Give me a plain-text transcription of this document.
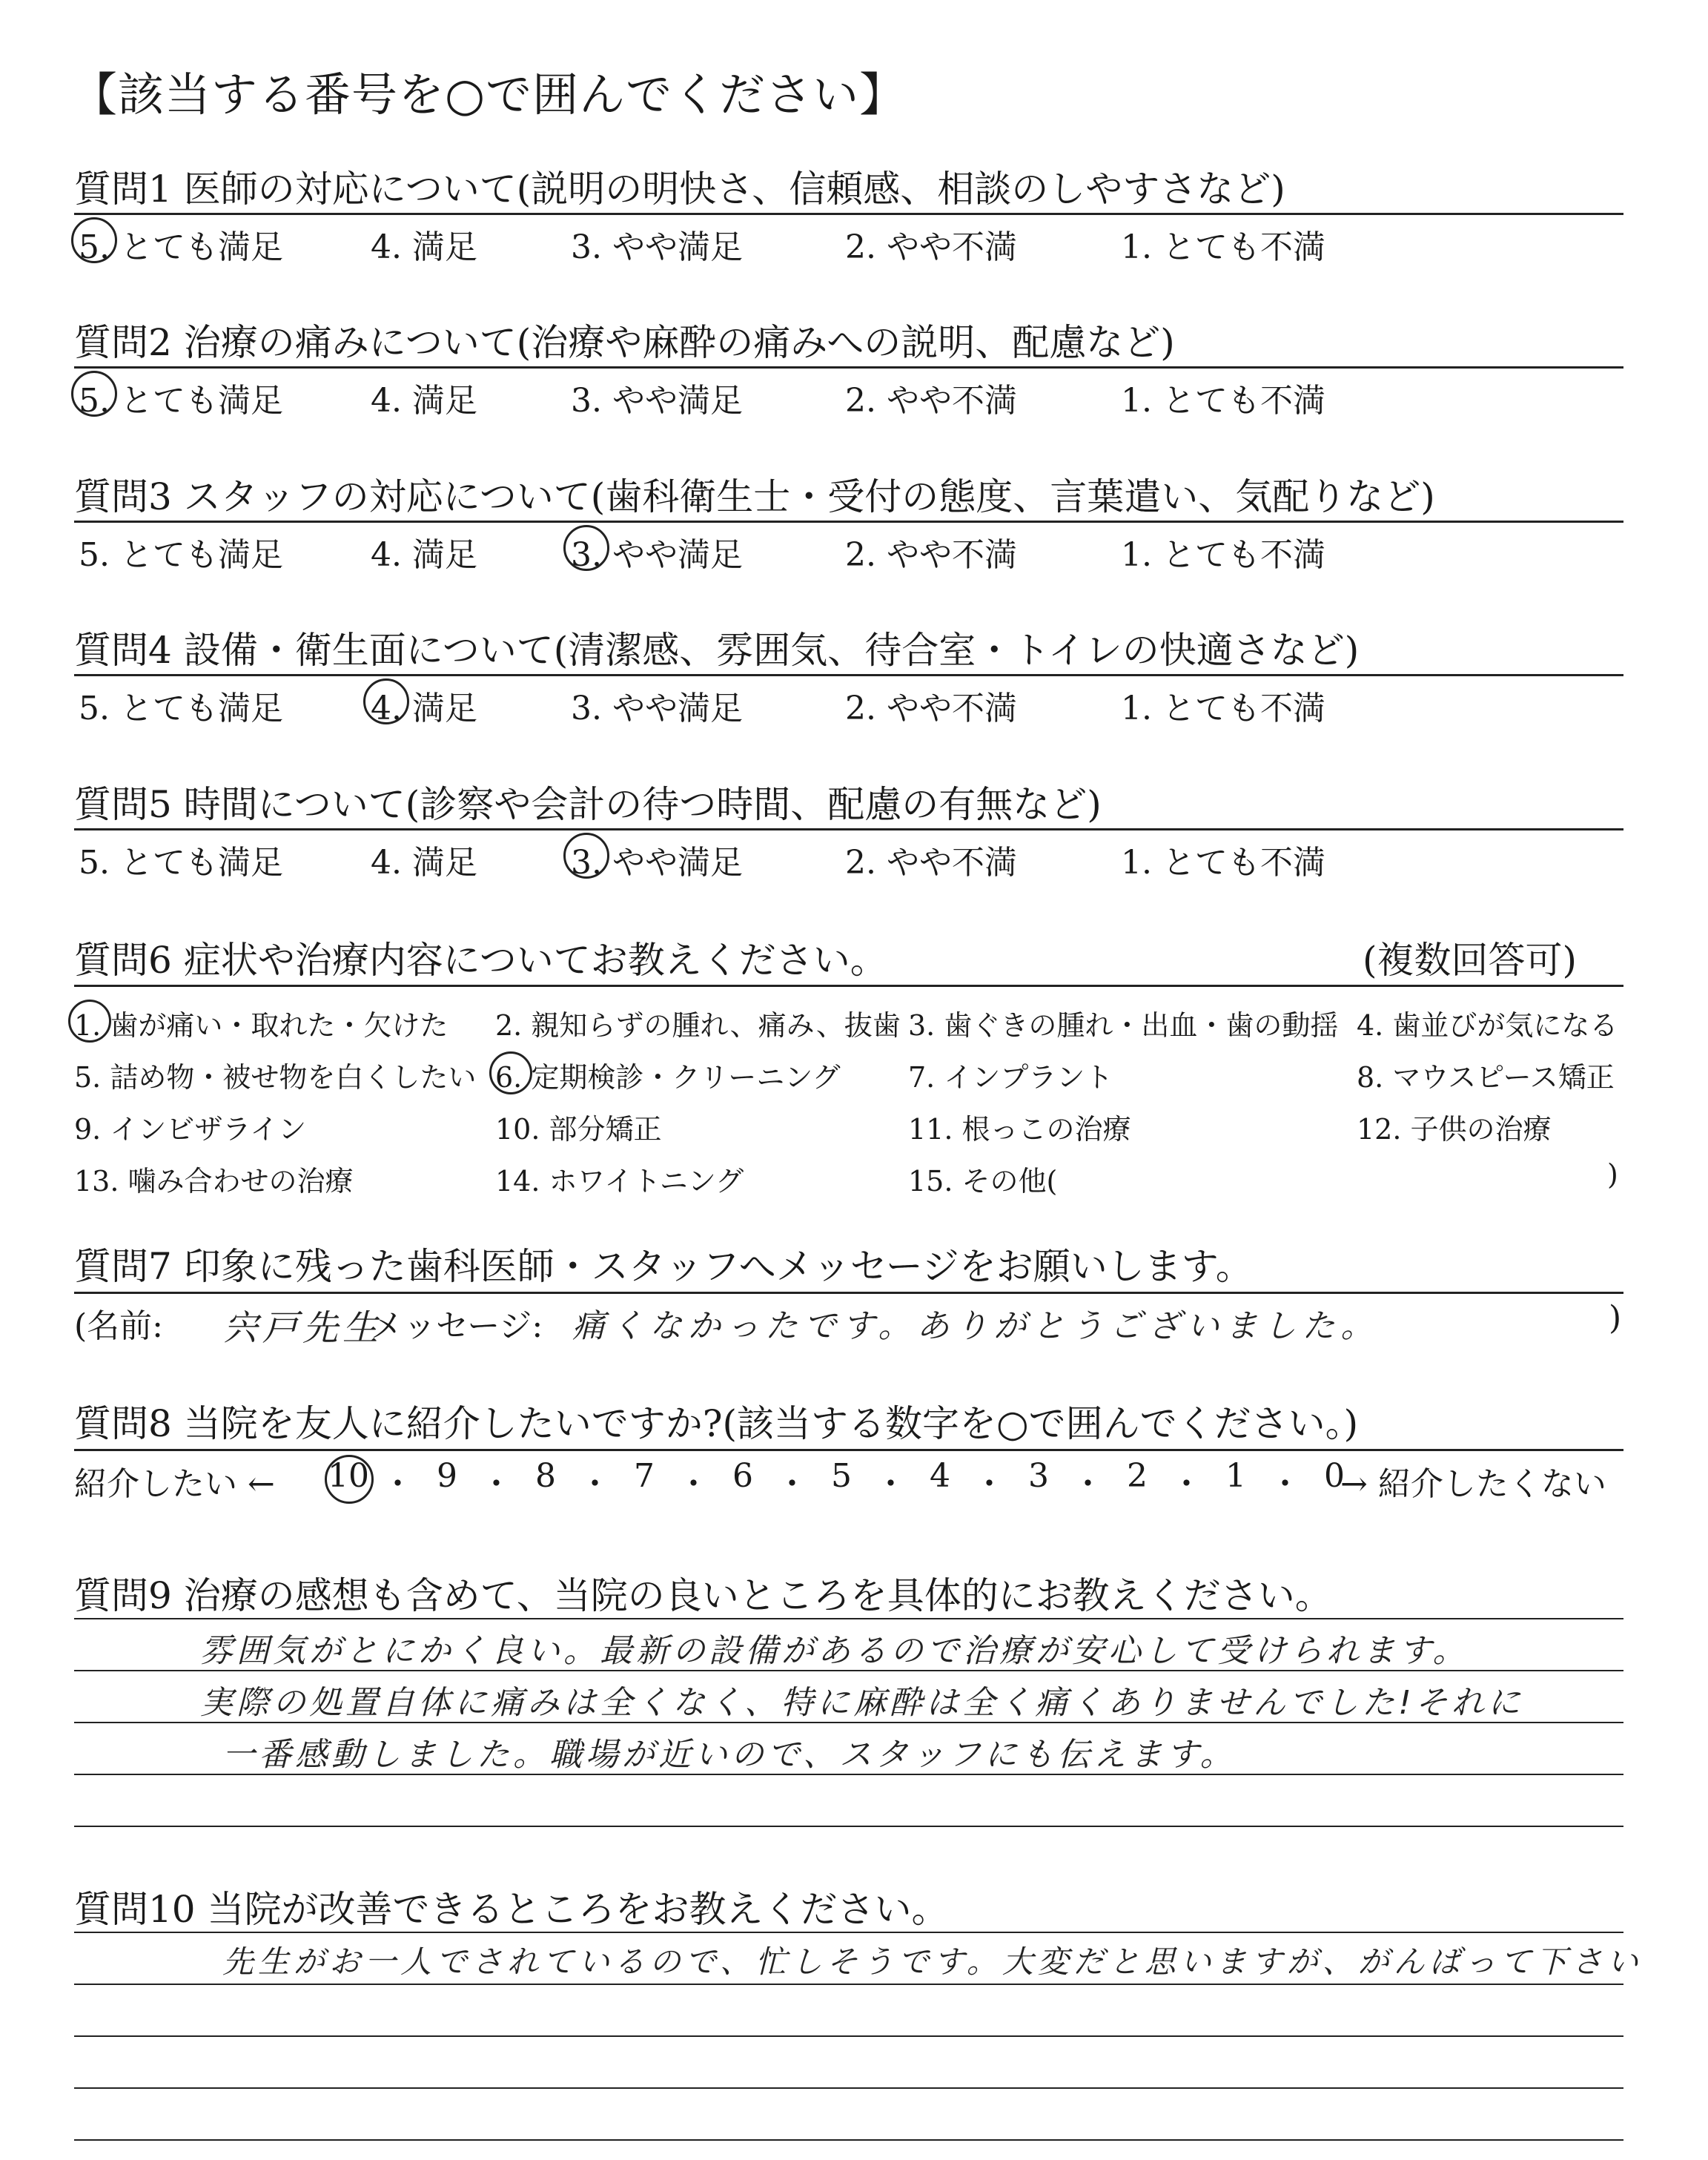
【該当する番号を○で囲んでください】
質問1 医師の対応について(説明の明快さ、信頼感、相談のしやすさなど)
5. とても満足	4. 満足	3. やや満足	2. やや不満	1. とても不満
質問2 治療の痛みについて(治療や麻酔の痛みへの説明、配慮など)
5. とても満足	4. 満足	3. やや満足	2. やや不満	1. とても不満
質問3 スタッフの対応について(歯科衛生士・受付の態度、言葉遣い、気配りなど)
5. とても満足	4. 満足	3. やや満足	2. やや不満	1. とても不満
質問4 設備・衛生面について(清潔感、雰囲気、待合室・トイレの快適さなど)
5. とても満足	4. 満足	3. やや満足	2. やや不満	1. とても不満
質問5 時間について(診察や会計の待つ時間、配慮の有無など)
5. とても満足	4. 満足	3. やや満足	2. やや不満	1. とても不満
質問6 症状や治療内容についてお教えください。	(複数回答可)
1. 歯が痛い・取れた・欠けた 2. 親知らずの腫れ、痛み、抜歯 3. 歯ぐきの腫れ・出血・歯の動揺 4. 歯並びが気になる
5. 詰め物・被せ物を白くしたい 6. 定期検診・クリーニング 7. インプラント	8. マウスピース矯正
9. インビザライン	10. 部分矯正	11. 根っこの治療	12. 子供の治療
13. 噛み合わせの治療	14. ホワイトニング	15. その他(	)
質問7 印象に残った歯科医師・スタッフへメッセージをお願いします。
(名前: 宍戸先生
メッセージ: 痛くなかったです。ありがとうございました。	)
質問8 当院を友人に紹介したいですか?(該当する数字を○で囲んでください。)
紹介したい ← 10 ・ 9 ・ 8 ・ 7 ・ 6 ・ 5 ・ 4 ・ 3 ・ 2 ・ 1 ・ 0
→ 紹介したくない
質問9 治療の感想も含めて、当院の良いところを具体的にお教えください。
雰囲気がとにかく良い。最新の設備があるので治療が安心して受けられます。
実際の処置自体に痛みは全くなく、特に麻酔は全く痛くありませんでした!それに
一番感動しました。職場が近いので、スタッフにも伝えます。
質問10 当院が改善できるところをお教えください。
先生がお一人でされているので、忙しそうです。大変だと思いますが、がんばって下さい
